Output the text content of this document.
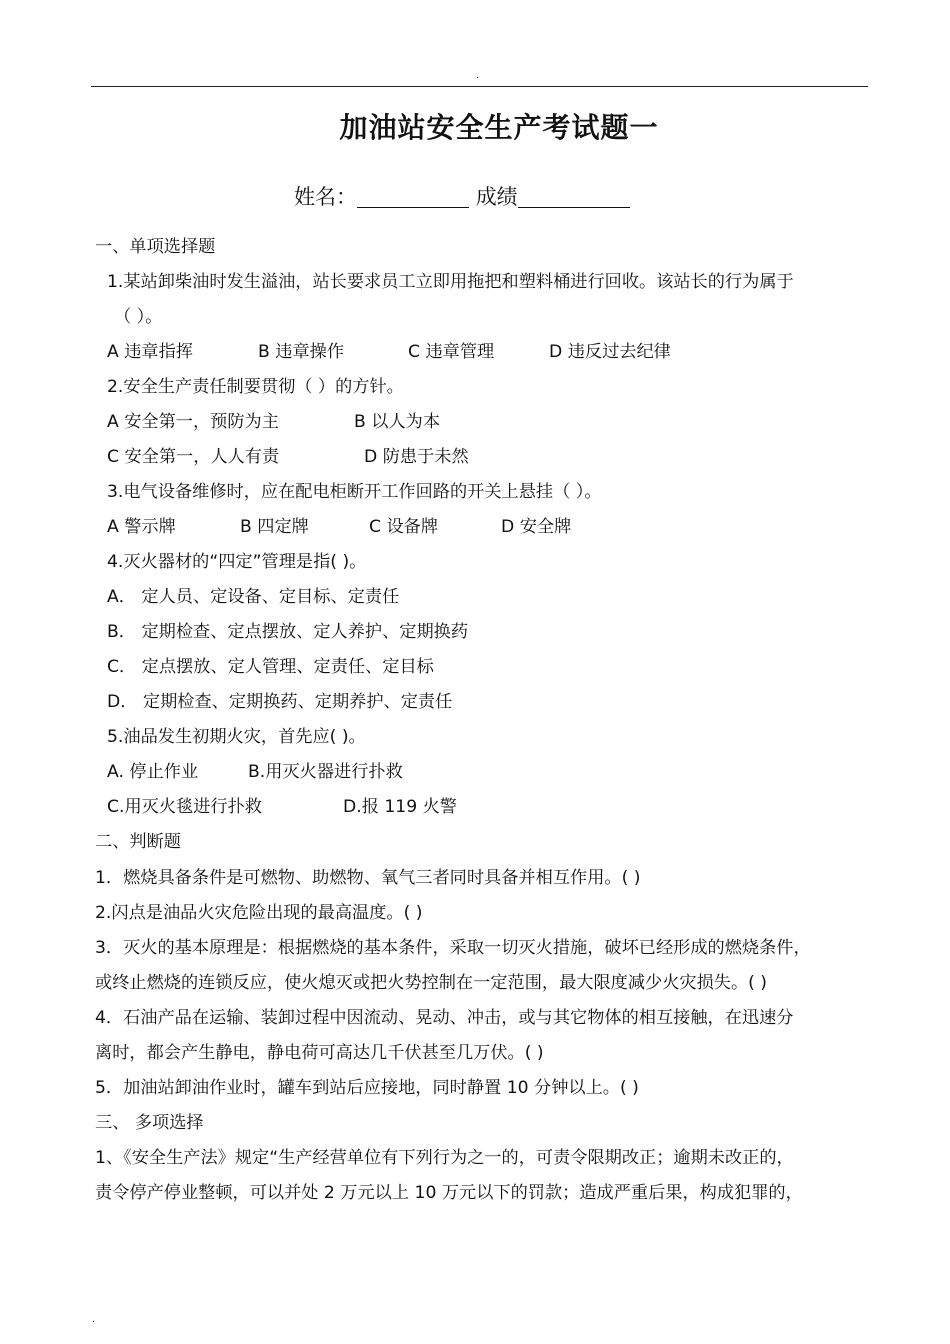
.
加油站安全生产考试题一
姓名：	成绩
一、单项选择题
1.某站卸柴油时发生溢油，站长要求员工立即用拖把和塑料桶进行回收。该站长的行为属于
（ ）。
A 违章指挥	B 违章操作	C 违章管理	D 违反过去纪律
2.安全生产责任制要贯彻（ ）的方针。
A 安全第一，预防为主	B 以人为本
C 安全第一，人人有责	D 防患于未然
3.电气设备维修时，应在配电柜断开工作回路的开关上悬挂（ ）。
A 警示牌	B 四定牌	C 设备牌	D 安全牌
4.灭火器材的“四定”管理是指( )。
A． 定人员、定设备、定目标、定责任
B． 定期检查、定点摆放、定人养护、定期换药
C． 定点摆放、定人管理、定责任、定目标
D． 定期检查、定期换药、定期养护、定责任
5.油品发生初期火灾，首先应( )。
A. 停止作业	B.用灭火器进行扑救
C.用灭火毯进行扑救	D.报 119 火警
二、判断题
1．燃烧具备条件是可燃物、助燃物、氧气三者同时具备并相互作用。( )
2.闪点是油品火灾危险出现的最高温度。( )
3．灭火的基本原理是：根据燃烧的基本条件，采取一切灭火措施，破坏已经形成的燃烧条件，
或终止燃烧的连锁反应，使火熄灭或把火势控制在一定范围，最大限度减少火灾损失。( )
4．石油产品在运输、装卸过程中因流动、晃动、冲击，或与其它物体的相互接触，在迅速分
离时，都会产生静电，静电荷可高达几千伏甚至几万伏。( )
5．加油站卸油作业时，罐车到站后应接地，同时静置 10 分钟以上。( )
三、 多项选择
1、《安全生产法》规定“生产经营单位有下列行为之一的，可责令限期改正；逾期未改正的，
责令停产停业整顿，可以并处 2 万元以上 10 万元以下的罚款；造成严重后果，构成犯罪的，
.
